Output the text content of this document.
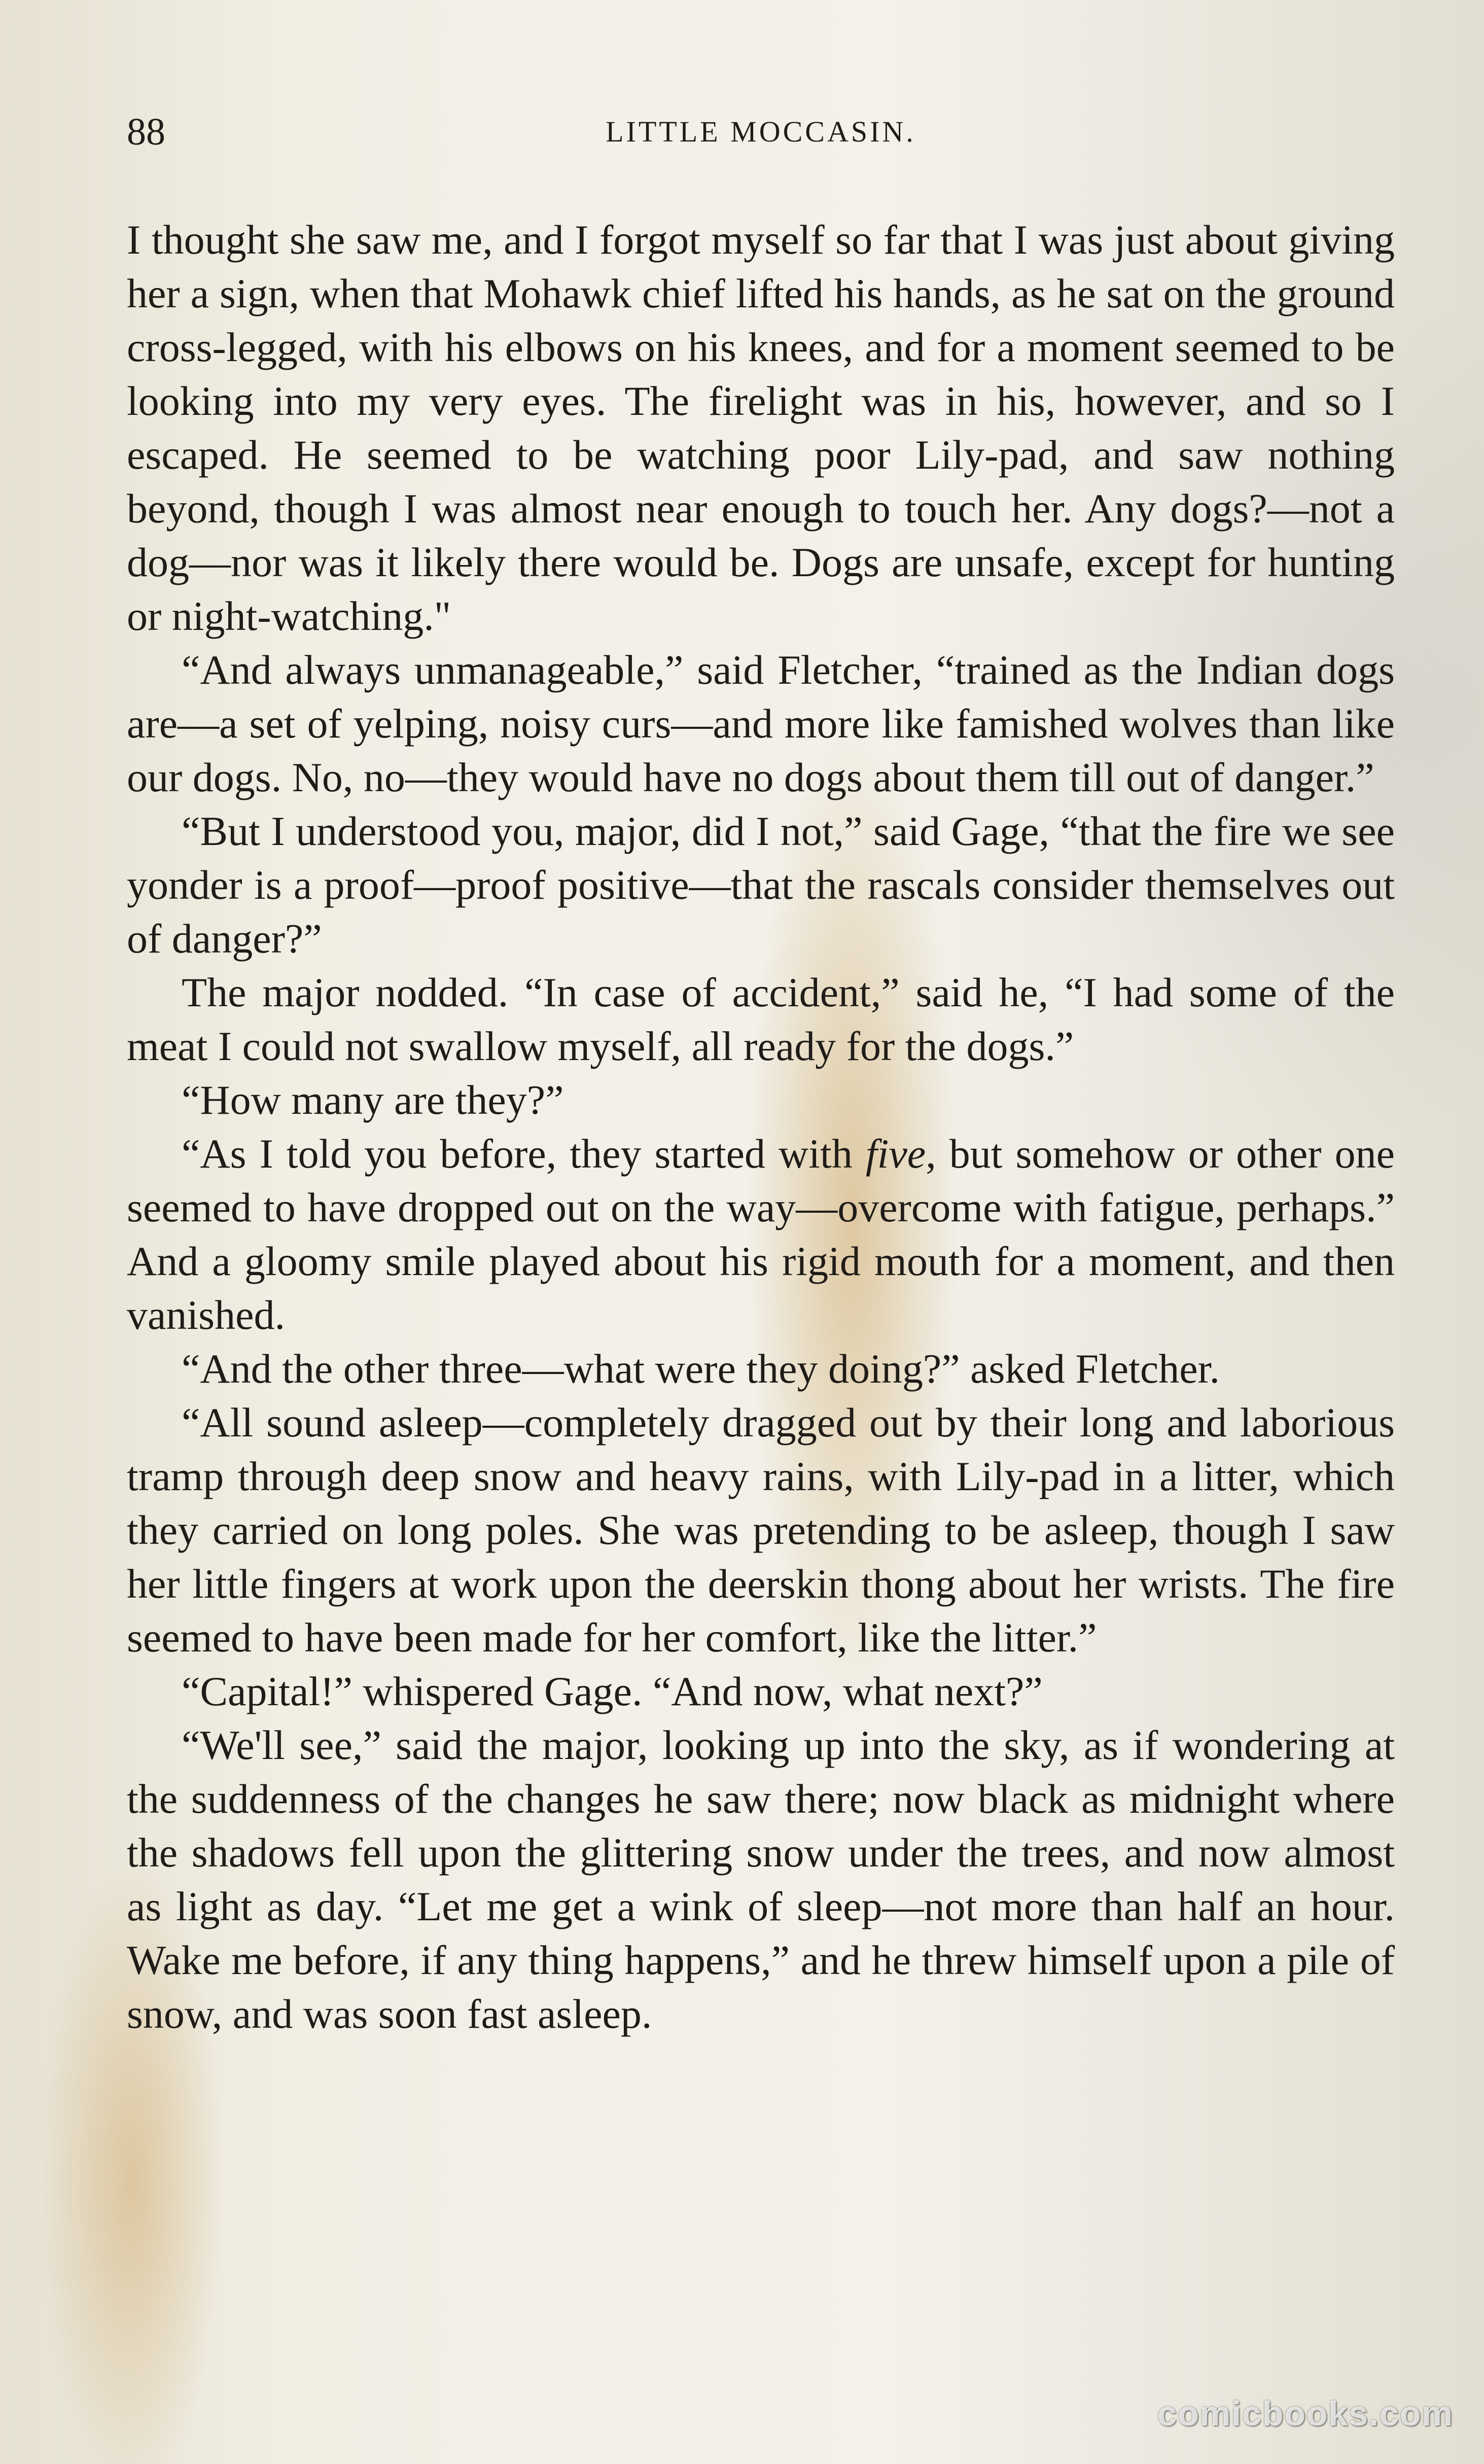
88	LITTLE MOCCASIN.

I thought she saw me, and I forgot myself so far that I was just about giving her a sign, when that Mohawk chief lifted his hands, as he sat on the ground cross-legged, with his elbows on his knees, and for a moment seemed to be looking into my very eyes. The firelight was in his, however, and so I escaped. He seemed to be watching poor Lily-pad, and saw nothing beyond, though I was almost near enough to touch her. Any dogs?—not a dog—nor was it likely there would be. Dogs are unsafe, except for hunting or night-watching."

“And always unmanageable,” said Fletcher, “trained as the Indian dogs are—a set of yelping, noisy curs—and more like famished wolves than like our dogs. No, no—they would have no dogs about them till out of danger.”

“But I understood you, major, did I not,” said Gage, “that the fire we see yonder is a proof—proof positive—that the rascals consider themselves out of danger?”

The major nodded. “In case of accident,” said he, “I had some of the meat I could not swallow myself, all ready for the dogs.”

“How many are they?”

“As I told you before, they started with five, but somehow or other one seemed to have dropped out on the way—overcome with fatigue, perhaps.” And a gloomy smile played about his rigid mouth for a moment, and then vanished.

“And the other three—what were they doing?” asked Fletcher.

“All sound asleep—completely dragged out by their long and laborious tramp through deep snow and heavy rains, with Lily-pad in a litter, which they carried on long poles. She was pretending to be asleep, though I saw her little fingers at work upon the deerskin thong about her wrists. The fire seemed to have been made for her comfort, like the litter.”

“Capital!” whispered Gage. “And now, what next?”

“We'll see,” said the major, looking up into the sky, as if wondering at the suddenness of the changes he saw there; now black as midnight where the shadows fell upon the glittering snow under the trees, and now almost as light as day. “Let me get a wink of sleep—not more than half an hour. Wake me before, if any thing happens,” and he threw himself upon a pile of snow, and was soon fast asleep.

comicbooks.com
